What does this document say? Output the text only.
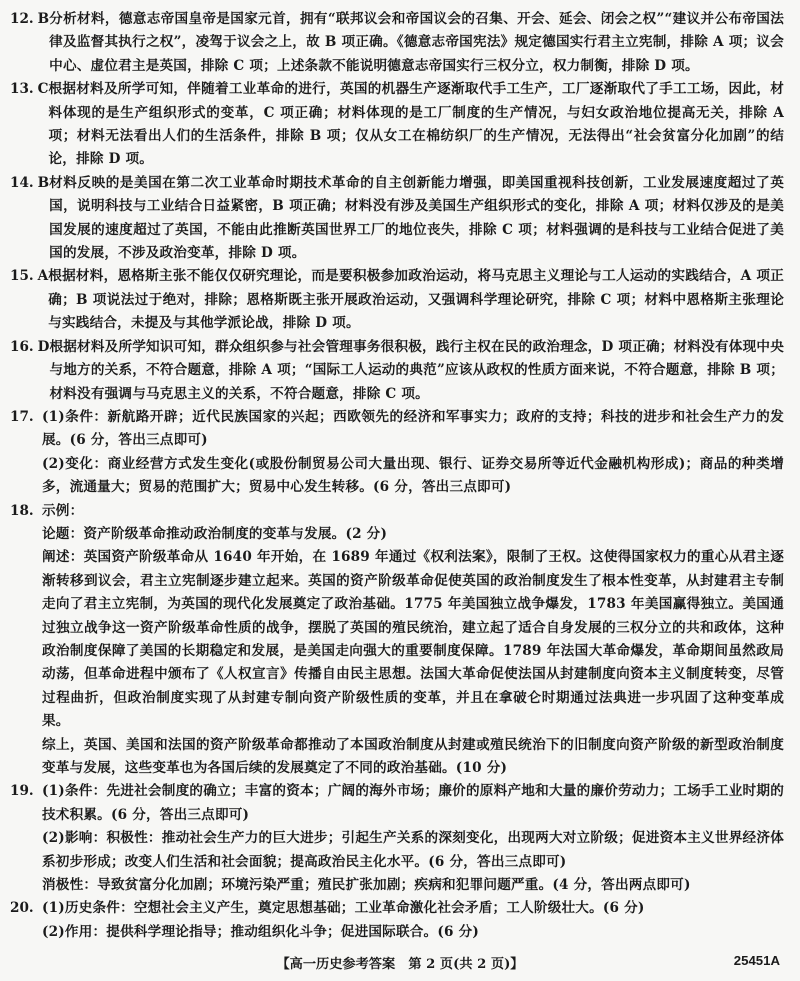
12. B 分析材料，德意志帝国皇帝是国家元首，拥有“联邦议会和帝国议会的召集、开会、延会、闭会之权”“建议并公布帝国法律及监督其执行之权”，凌驾于议会之上，故 B 项正确。《德意志帝国宪法》规定德国实行君主立宪制，排除 A 项；议会中心、虚位君主是英国，排除 C 项；上述条款不能说明德意志帝国实行三权分立，权力制衡，排除 D 项。
13. C 根据材料及所学可知，伴随着工业革命的进行，英国的机器生产逐渐取代手工生产，工厂逐渐取代了手工工场，因此，材料体现的是生产组织形式的变革，C 项正确；材料体现的是工厂制度的生产情况，与妇女政治地位提高无关，排除 A 项；材料无法看出人们的生活条件，排除 B 项；仅从女工在棉纺织厂的生产情况，无法得出“社会贫富分化加剧”的结论，排除 D 项。
14. B 材料反映的是美国在第二次工业革命时期技术革命的自主创新能力增强，即美国重视科技创新，工业发展速度超过了英国，说明科技与工业结合日益紧密，B 项正确；材料没有涉及美国生产组织形式的变化，排除 A 项；材料仅涉及的是美国发展的速度超过了英国，不能由此推断英国世界工厂的地位丧失，排除 C 项；材料强调的是科技与工业结合促进了美国的发展，不涉及政治变革，排除 D 项。
15. A 根据材料，恩格斯主张不能仅仅研究理论，而是要积极参加政治运动，将马克思主义理论与工人运动的实践结合，A 项正确；B 项说法过于绝对，排除；恩格斯既主张开展政治运动，又强调科学理论研究，排除 C 项；材料中恩格斯主张理论与实践结合，未提及与其他学派论战，排除 D 项。
16. D 根据材料及所学知识可知，群众组织参与社会管理事务很积极，践行主权在民的政治理念，D 项正确；材料没有体现中央与地方的关系，不符合题意，排除 A 项；“国际工人运动的典范”应该从政权的性质方面来说，不符合题意，排除 B 项；材料没有强调与马克思主义的关系，不符合题意，排除 C 项。
17. (1)条件：新航路开辟；近代民族国家的兴起；西欧领先的经济和军事实力；政府的支持；科技的进步和社会生产力的发展。(6 分，答出三点即可)
(2)变化：商业经营方式发生变化(或股份制贸易公司大量出现、银行、证券交易所等近代金融机构形成)；商品的种类增多，流通量大；贸易的范围扩大；贸易中心发生转移。(6 分，答出三点即可)
18. 示例：
论题：资产阶级革命推动政治制度的变革与发展。(2 分)
阐述：英国资产阶级革命从 1640 年开始，在 1689 年通过《权利法案》，限制了王权。这使得国家权力的重心从君主逐渐转移到议会，君主立宪制逐步建立起来。英国的资产阶级革命促使英国的政治制度发生了根本性变革，从封建君主专制走向了君主立宪制，为英国的现代化发展奠定了政治基础。1775 年美国独立战争爆发，1783 年美国赢得独立。美国通过独立战争这一资产阶级革命性质的战争，摆脱了英国的殖民统治，建立起了适合自身发展的三权分立的共和政体，这种政治制度保障了美国的长期稳定和发展，是美国走向强大的重要制度保障。1789 年法国大革命爆发，革命期间虽然政局动荡，但革命进程中颁布了《人权宣言》传播自由民主思想。法国大革命促使法国从封建制度向资本主义制度转变，尽管过程曲折，但政治制度实现了从封建专制向资产阶级性质的变革，并且在拿破仑时期通过法典进一步巩固了这种变革成果。
综上，英国、美国和法国的资产阶级革命都推动了本国政治制度从封建或殖民统治下的旧制度向资产阶级的新型政治制度变革与发展，这些变革也为各国后续的发展奠定了不同的政治基础。(10 分)
19. (1)条件：先进社会制度的确立；丰富的资本；广阔的海外市场；廉价的原料产地和大量的廉价劳动力；工场手工业时期的技术积累。(6 分，答出三点即可)
(2)影响：积极性：推动社会生产力的巨大进步；引起生产关系的深刻变化，出现两大对立阶级；促进资本主义世界经济体系初步形成；改变人们生活和社会面貌；提高政治民主化水平。(6 分，答出三点即可)
消极性：导致贫富分化加剧；环境污染严重；殖民扩张加剧；疾病和犯罪问题严重。(4 分，答出两点即可)
20. (1)历史条件：空想社会主义产生，奠定思想基础；工业革命激化社会矛盾；工人阶级壮大。(6 分)
(2)作用：提供科学理论指导；推动组织化斗争；促进国际联合。(6 分)
【高一历史参考答案　第 2 页(共 2 页)】	25451A
